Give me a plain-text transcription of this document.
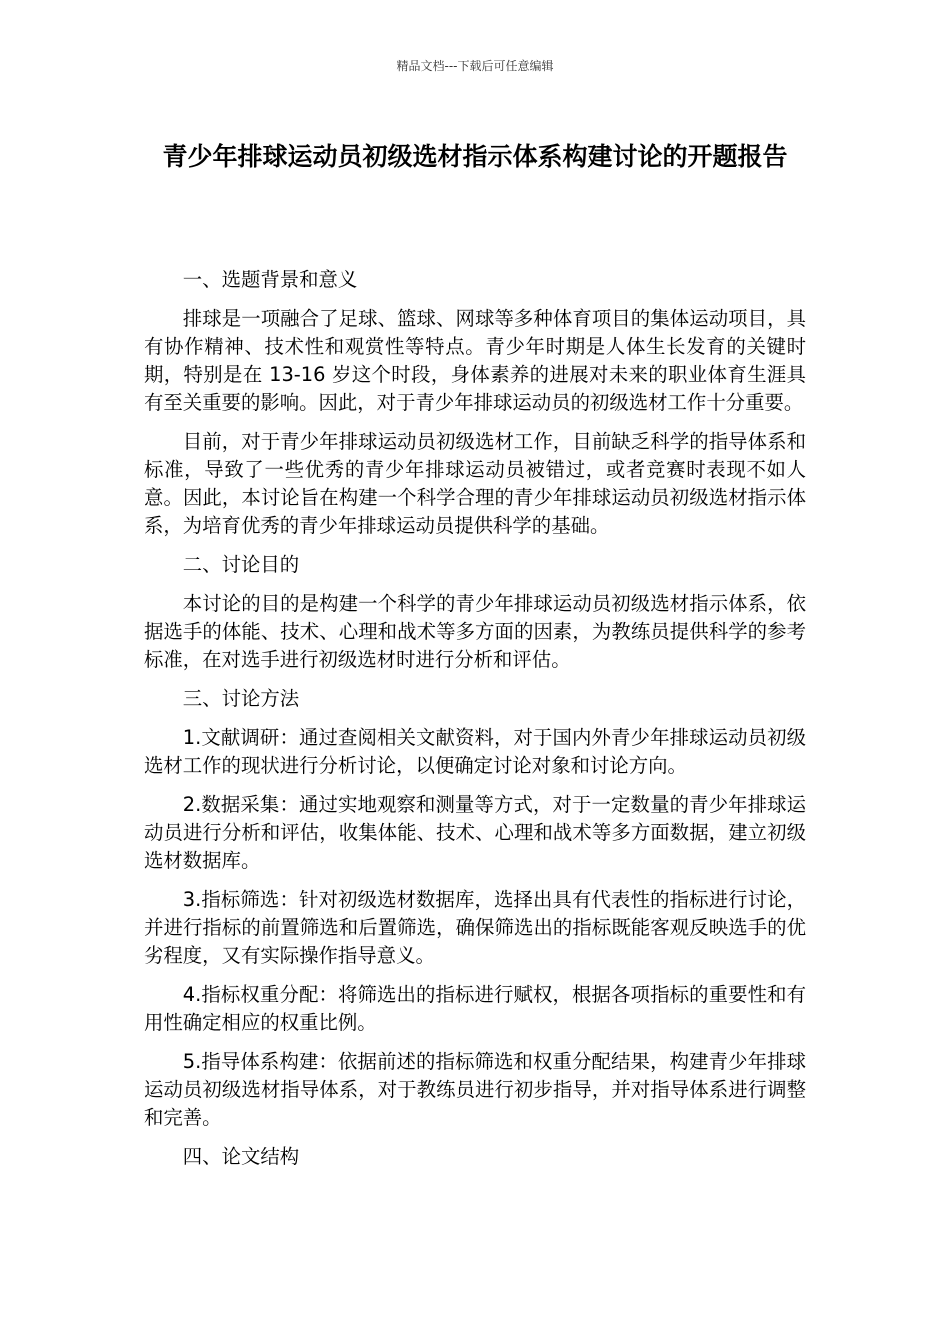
精品文档---下载后可任意编辑
青少年排球运动员初级选材指示体系构建讨论的开题报告

一、选题背景和意义

排球是一项融合了足球、篮球、网球等多种体育项目的集体运动项目，具有协作精神、技术性和观赏性等特点。青少年时期是人体生长发育的关键时期，特别是在 13-16 岁这个时段，身体素养的进展对未来的职业体育生涯具有至关重要的影响。因此，对于青少年排球运动员的初级选材工作十分重要。

目前，对于青少年排球运动员初级选材工作，目前缺乏科学的指导体系和标准，导致了一些优秀的青少年排球运动员被错过，或者竞赛时表现不如人意。因此，本讨论旨在构建一个科学合理的青少年排球运动员初级选材指示体系，为培育优秀的青少年排球运动员提供科学的基础。

二、讨论目的

本讨论的目的是构建一个科学的青少年排球运动员初级选材指示体系，依据选手的体能、技术、心理和战术等多方面的因素，为教练员提供科学的参考标准，在对选手进行初级选材时进行分析和评估。

三、讨论方法

1.文献调研：通过查阅相关文献资料，对于国内外青少年排球运动员初级选材工作的现状进行分析讨论，以便确定讨论对象和讨论方向。

2.数据采集：通过实地观察和测量等方式，对于一定数量的青少年排球运动员进行分析和评估，收集体能、技术、心理和战术等多方面数据，建立初级选材数据库。

3.指标筛选：针对初级选材数据库，选择出具有代表性的指标进行讨论，并进行指标的前置筛选和后置筛选，确保筛选出的指标既能客观反映选手的优劣程度，又有实际操作指导意义。

4.指标权重分配：将筛选出的指标进行赋权，根据各项指标的重要性和有用性确定相应的权重比例。

5.指导体系构建：依据前述的指标筛选和权重分配结果，构建青少年排球运动员初级选材指导体系，对于教练员进行初步指导，并对指导体系进行调整和完善。

四、论文结构
